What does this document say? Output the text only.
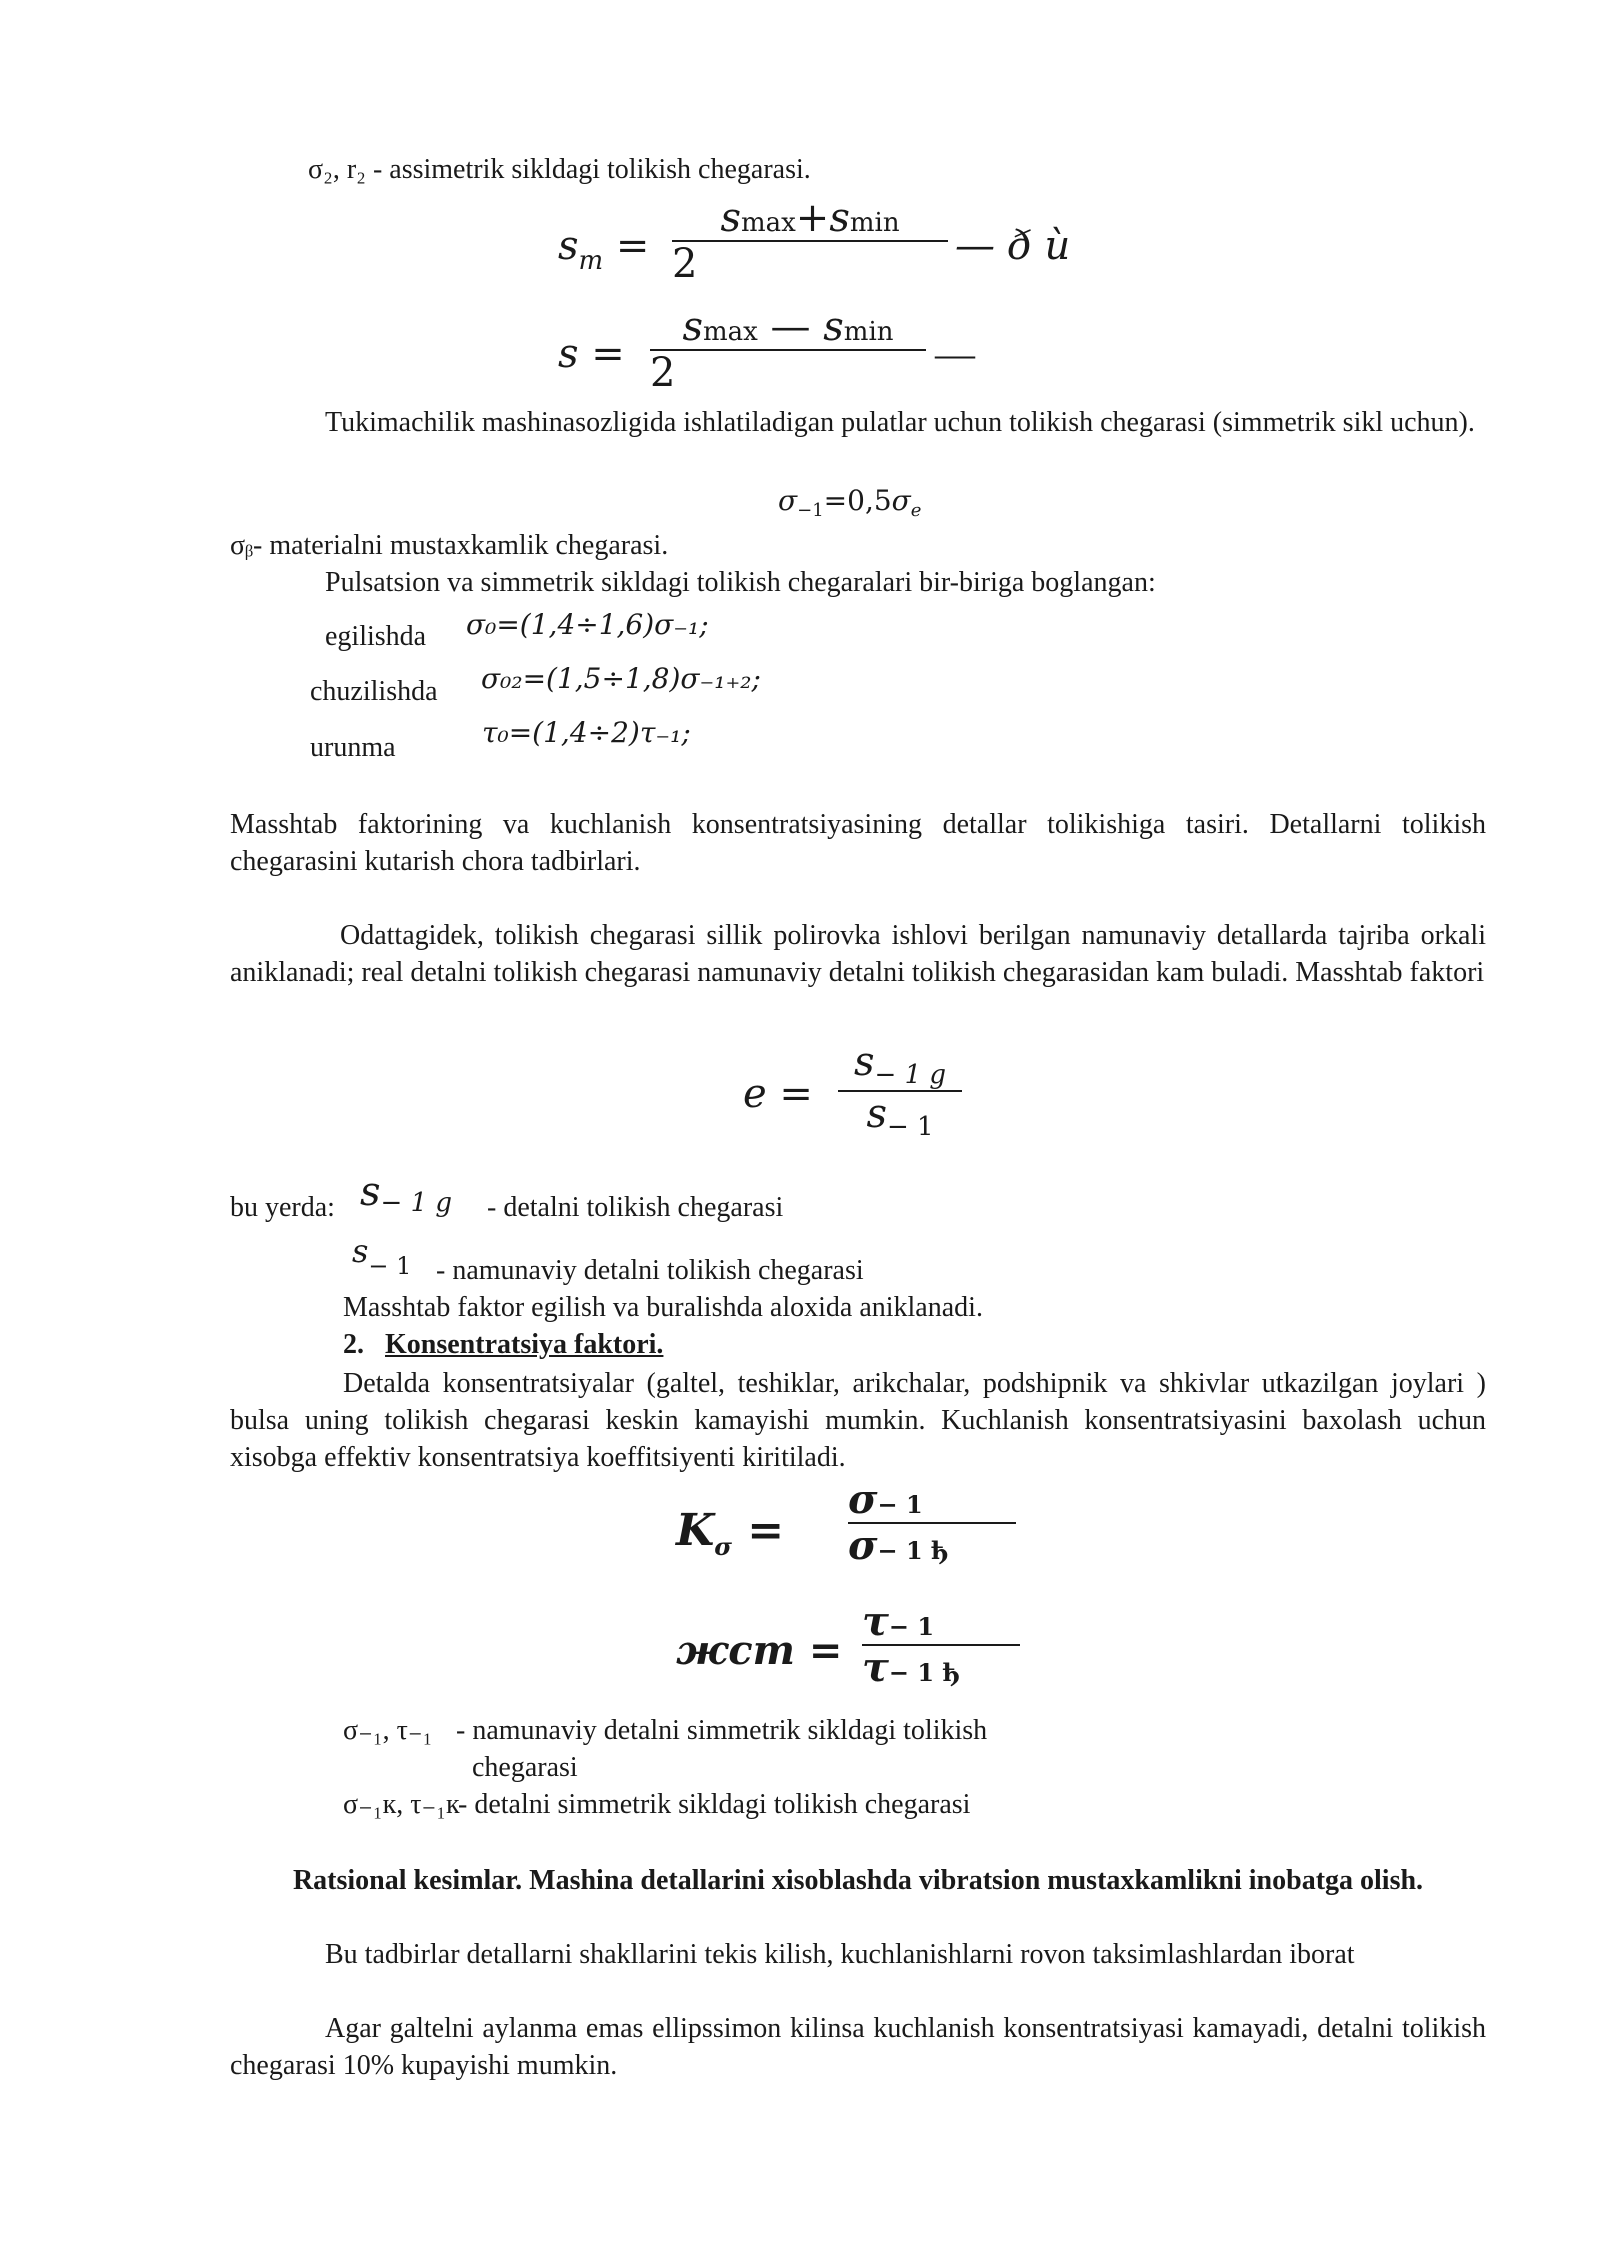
σ₂, r₂ - assimetrik sikldagi tolikish chegarasi.
$s_m$ =
smax+smin
2	— ð ù
s =
smax — smin
2	—
Tukimachilik mashinasozligida ishlatiladigan pulatlar uchun tolikish chegarasi (simmetrik sikl uchun).
$\sigma_{-1}=0,5\sigma_e$
σᵦ- materialni mustaxkamlik chegarasi.
Pulsatsion va simmetrik sikldagi tolikish chegaralari bir-biriga boglangan:
egilishda σ₀=(1,4÷1,6)σ₋₁;
chuzilishda σ₀₂=(1,5÷1,8)σ₋₁₊₂;
urunma	τ₀=(1,4÷2)τ₋₁;
Masshtab faktorining va kuchlanish konsentratsiyasining detallar tolikishiga tasiri. Detallarni tolikish chegarasini kutarish chora tadbirlari.
Odattagidek, tolikish chegarasi sillik polirovka ishlovi berilgan namunaviy detallarda tajriba orkali aniklanadi; real detalni tolikish chegarasi namunaviy detalni tolikish chegarasidan kam buladi. Masshtab faktori
e =
$s_{- 1 g}$
$s_{- 1}$
bu yerda: s− 1 g - detalni tolikish chegarasi
$s_{- 1}$ - namunaviy detalni tolikish chegarasi
Masshtab faktor egilish va buralishda aloxida aniklanadi.
2. Konsentratsiya faktori.
Detalda konsentratsiyalar (galtel, teshiklar, arikchalar, podshipnik va shkivlar utkazilgan joylari ) bulsa uning tolikish chegarasi keskin kamayishi mumkin. Kuchlanish konsentratsiyasini baxolash uchun xisobga effektiv konsentratsiya koeffitsiyenti kiritiladi.
$K_\sigma$ =
σ− 1
σ− 1 ђ
жст =
τ− 1
τ− 1 ђ
σ₋₁, τ₋₁ - namunaviy detalni simmetrik sikldagi tolikish
chegarasi
σ₋₁к, τ₋₁к
- detalni simmetrik sikldagi tolikish chegarasi
Ratsional kesimlar. Mashina detallarini xisoblashda vibratsion mustaxkamlikni inobatga olish.
Bu tadbirlar detallarni shakllarini tekis kilish, kuchlanishlarni rovon taksimlashlardan iborat
Agar galtelni aylanma emas ellipssimon kilinsa kuchlanish konsentratsiyasi kamayadi, detalni tolikish chegarasi 10% kupayishi mumkin.
